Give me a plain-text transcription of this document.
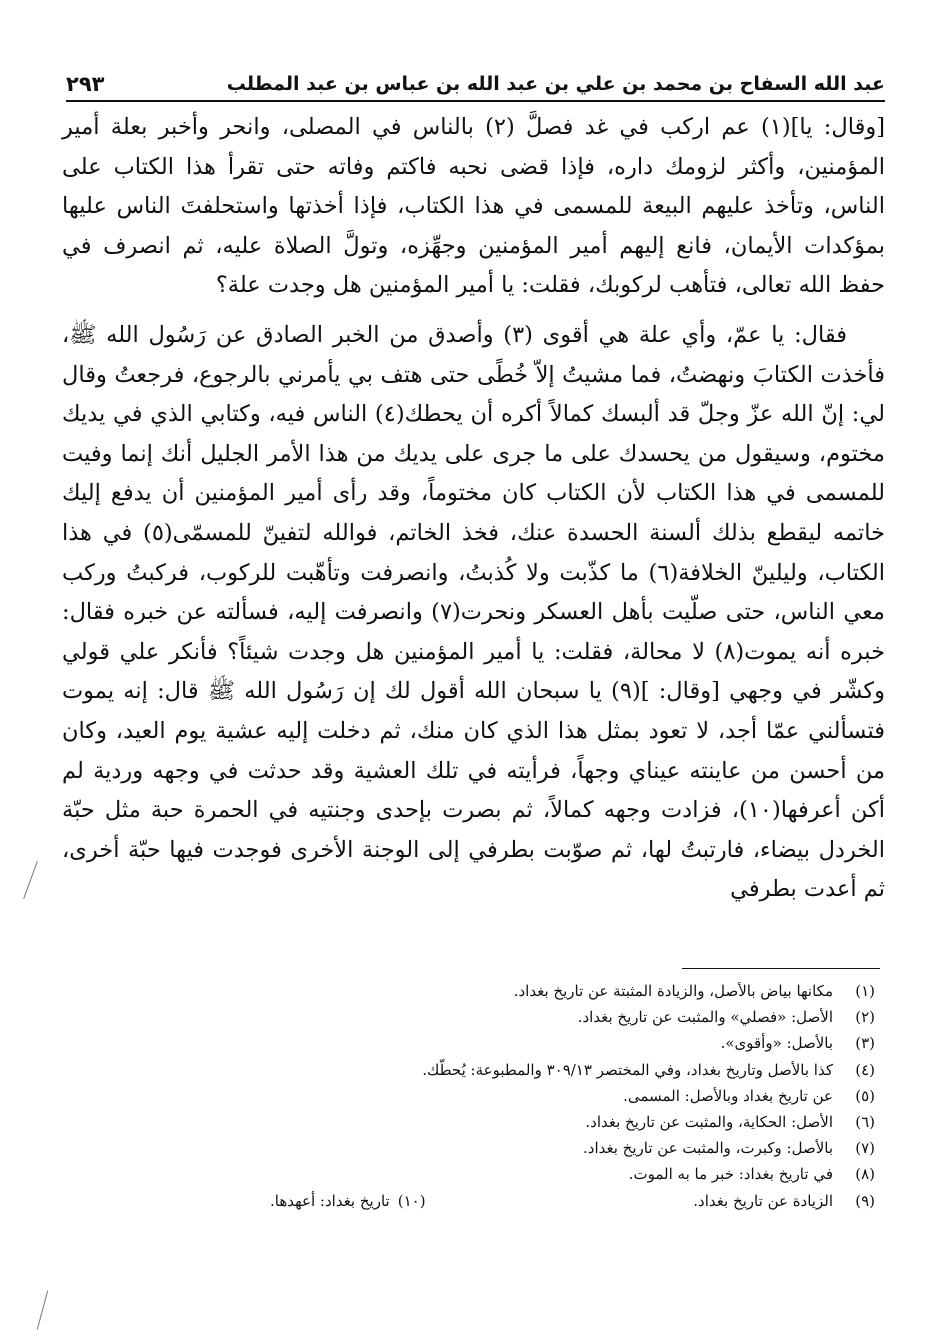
عبد الله السفاح بن محمد بن علي بن عبد الله بن عباس بن عبد المطلب
٢٩٣

[وقال: يا](١) عم اركب في غد فصلَّ (٢) بالناس في المصلى، وانحر وأخبر بعلة أمير المؤمنين، وأكثر لزومك داره، فإذا قضى نحبه فاكتم وفاته حتى تقرأ هذا الكتاب على الناس، وتأخذ عليهم البيعة للمسمى في هذا الكتاب، فإذا أخذتها واستحلفتَ الناس عليها بمؤكدات الأيمان، فانع إليهم أمير المؤمنين وجهِّزه، وتولَّ الصلاة عليه، ثم انصرف في حفظ الله تعالى، فتأهب لركوبك، فقلت: يا أمير المؤمنين هل وجدت علة؟

فقال: يا عمّ، وأي علة هي أقوى (٣) وأصدق من الخبر الصادق عن رَسُول الله ﷺ، فأخذت الكتابَ ونهضتُ، فما مشيتُ إلاّ خُطًى حتى هتف بي يأمرني بالرجوع، فرجعتُ وقال لي: إنّ الله عزّ وجلّ قد ألبسك كمالاً أكره أن يحطك(٤) الناس فيه، وكتابي الذي في يديك مختوم، وسيقول من يحسدك على ما جرى على يديك من هذا الأمر الجليل أنك إنما وفيت للمسمى في هذا الكتاب لأن الكتاب كان مختوماً، وقد رأى أمير المؤمنين أن يدفع إليك خاتمه ليقطع بذلك ألسنة الحسدة عنك، فخذ الخاتم، فوالله لتفينّ للمسمّى(٥) في هذا الكتاب، وليلينّ الخلافة(٦) ما كذّبت ولا كُذبتُ، وانصرفت وتأهّبت للركوب، فركبتُ وركب معي الناس، حتى صلّيت بأهل العسكر ونحرت(٧) وانصرفت إليه، فسألته عن خبره فقال: خبره أنه يموت(٨) لا محالة، فقلت: يا أمير المؤمنين هل وجدت شيئاً؟ فأنكر علي قولي وكشّر في وجهي [وقال: ](٩) يا سبحان الله أقول لك إن رَسُول الله ﷺ قال: إنه يموت فتسألني عمّا أجد، لا تعود بمثل هذا الذي كان منك، ثم دخلت إليه عشية يوم العيد، وكان من أحسن من عاينته عيناي وجهاً، فرأيته في تلك العشية وقد حدثت في وجهه وردية لم أكن أعرفها(١٠)، فزادت وجهه كمالاً، ثم بصرت بإحدى وجنتيه في الحمرة حبة مثل حبّة الخردل بيضاء، فارتبتُ لها، ثم صوّبت بطرفي إلى الوجنة الأخرى فوجدت فيها حبّة أخرى، ثم أعدت بطرفي

(١)
مكانها بياض بالأصل، والزيادة المثبتة عن تاريخ بغداد.
(٢)
الأصل: «فصلي» والمثبت عن تاريخ بغداد.
(٣)
بالأصل: «وأقوى».
(٤)
كذا بالأصل وتاريخ بغداد، وفي المختصر ٣٠٩/١٣ والمطبوعة: يُحطّك.
(٥)
عن تاريخ بغداد وبالأصل: المسمى.
(٦)
الأصل: الحكاية، والمثبت عن تاريخ بغداد.
(٧)
بالأصل: وكبرت، والمثبت عن تاريخ بغداد.
(٨)
في تاريخ بغداد: خبر ما به الموت.
(٩)
الزيادة عن تاريخ بغداد.
(١٠)
تاريخ بغداد: أعهدها.
